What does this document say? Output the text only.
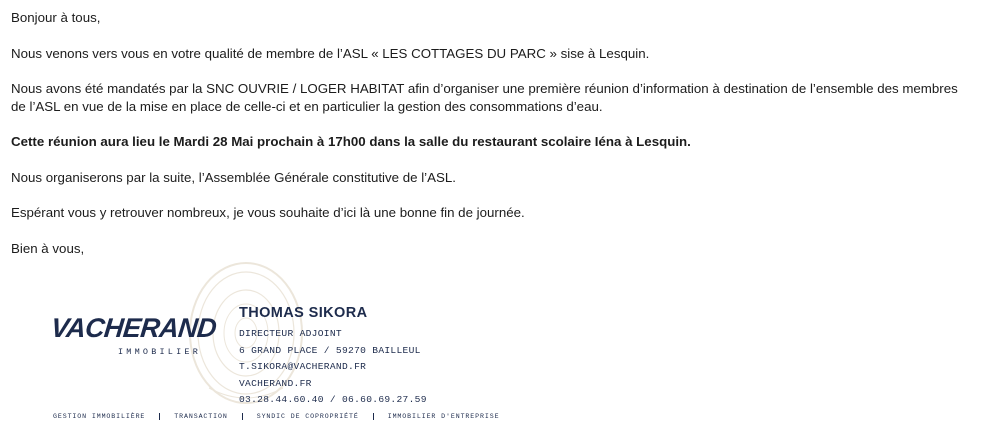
Bonjour à tous,

Nous venons vers vous en votre qualité de membre de l’ASL « LES COTTAGES DU PARC » sise à Lesquin.

Nous avons été mandatés par la SNC OUVRIE / LOGER HABITAT afin d’organiser une première réunion d’information à destination de l’ensemble des membres de l’ASL en vue de la mise en place de celle-ci et en particulier la gestion des consommations d’eau.

Cette réunion aura lieu le Mardi 28 Mai prochain à 17h00 dans la salle du restaurant scolaire Iéna à Lesquin.

Nous organiserons par la suite, l’Assemblée Générale constitutive de l’ASL.

Espérant vous y retrouver nombreux, je vous souhaite d’ici là une bonne fin de journée.

Bien à vous,

VACHERAND
IMMOBILIER
THOMAS SIKORA
DIRECTEUR ADJOINT
6 GRAND PLACE / 59270 BAILLEUL
T.SIKORA@VACHERAND.FR
VACHERAND.FR
03.28.44.60.40 / 06.60.69.27.59
GESTION IMMOBILIÈRE	TRANSACTION	SYNDIC DE COPROPRIÉTÉ	IMMOBILIER D'ENTREPRISE
